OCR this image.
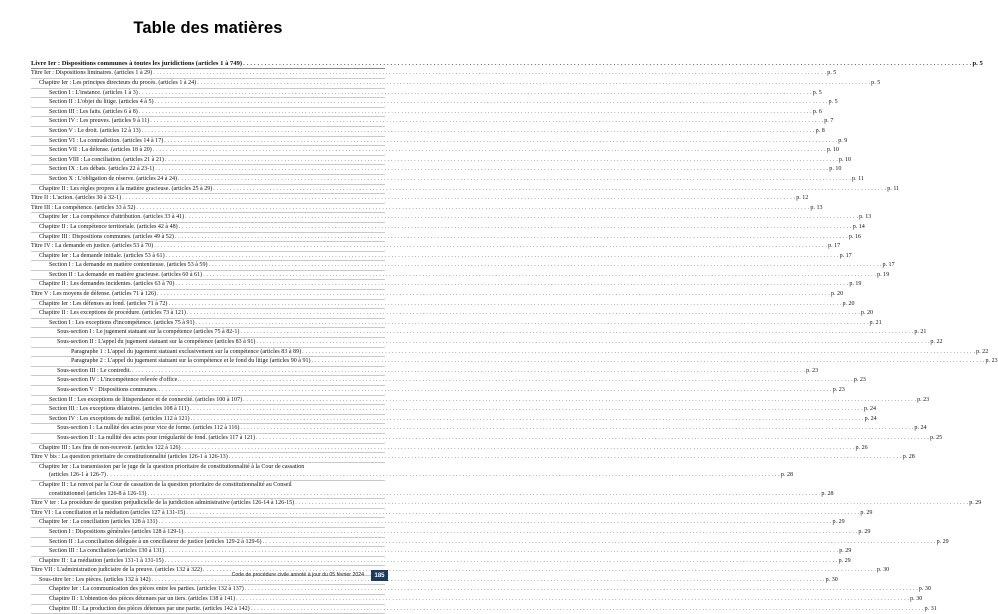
Table des matières
Livre Ier : Dispositions communes à toutes les juridictions (articles 1 à 749) . . .	p. 5
Titre Ier : Dispositions liminaires. (articles 1 à 29) . . .	p. 5
Chapitre Ier : Les principes directeurs du procès. (articles 1 à 24) . . .	p. 5
Section I : L'instance. (articles 1 à 3) . . .	p. 5
Section II : L'objet du litige. (articles 4 à 5) . . .	p. 5
Section III : Les faits. (articles 6 à 8) . . .	p. 6
Section IV : Les preuves. (articles 9 à 11) . . .	p. 7
Section V : Le droit. (articles 12 à 13) . . .	p. 8
Section VI : La contradiction. (articles 14 à 17) . . .	p. 9
Section VII : La défense. (articles 18 à 20) . . .	p. 10
Section VIII : La conciliation. (articles 21 à 21) . . .	p. 10
Section IX : Les débats. (articles 22 à 23-1) . . .	p. 10
Section X : L'obligation de réserve. (articles 24 à 24) . . .	p. 11
Chapitre II : Les règles propres à la matière gracieuse. (articles 25 à 29) . . .	p. 11
Titre II : L'action. (articles 30 à 32-1) . . .	p. 12
Titre III : La compétence. (articles 33 à 52) . . .	p. 13
Chapitre Ier : La compétence d'attribution. (articles 33 à 41) . . .	p. 13
Chapitre II : La compétence territoriale. (articles 42 à 48) . . .	p. 14
Chapitre III : Dispositions communes. (articles 49 à 52) . . .	p. 16
Titre IV : La demande en justice. (articles 53 à 70) . . .	p. 17
Chapitre Ier : La demande initiale. (articles 53 à 61) . . .	p. 17
Section I : La demande en matière contentieuse. (articles 53 à 59) . . .	p. 17
Section II : La demande en matière gracieuse. (articles 60 à 61) . . .	p. 19
Chapitre II : Les demandes incidentes. (articles 63 à 70) . . .	p. 19
Titre V : Les moyens de défense. (articles 71 à 126) . . .	p. 20
Chapitre Ier : Les défenses au fond. (articles 71 à 72) . . .	p. 20
Chapitre II : Les exceptions de procédure. (articles 73 à 121) . . .	p. 20
Section I : Les exceptions d'incompétence. (articles 75 à 91) . . .	p. 21
Sous-section I : Le jugement statuant sur la compétence (articles 75 à 82-1) . . .	p. 21
Sous-section II : L'appel du jugement statuant sur la compétence (articles 83 à 91) . . .	p. 22
Paragraphe 1 : L'appel du jugement statuant exclusivement sur la compétence (articles 83 à 89) . . .	p. 22
Paragraphe 2 : L'appel du jugement statuant sur la compétence et le fond du litige (articles 90 à 91) . . .	p. 23
Sous-section III : Le contredit. . . .	p. 23
Sous-section IV : L'incompétence relevée d'office. . . .	p. 23
Sous-section V : Dispositions communes. . . .	p. 23
Section II : Les exceptions de litispendance et de connexité. (articles 100 à 107) . . .	p. 23
Section III : Les exceptions dilatoires. (articles 108 à 111) . . .	p. 24
Section IV : Les exceptions de nullité. (articles 112 à 121) . . .	p. 24
Sous-section I : La nullité des actes pour vice de forme. (articles 112 à 116) . . .	p. 24
Sous-section II : La nullité des actes pour irrégularité de fond. (articles 117 à 121) . . .	p. 25
Chapitre III : Les fins de non-recevoir. (articles 122 à 126) . . .	p. 26
Titre V bis : La question prioritaire de constitutionnalité (articles 126-1 à 126-13) . . .	p. 28
Chapitre Ier : La transmission par le juge de la question prioritaire de constitutionnalité à la Cour de cassation
(articles 126-1 à 126-7) . . .	p. 28
Chapitre II : Le renvoi par la Cour de cassation de la question prioritaire de constitutionnalité au Conseil
constitutionnel (articles 126-8 à 126-13) . . .	p. 28
Titre V ter : La procédure de question préjudicielle de la juridiction administrative (articles 126-14 à 126-15) . . .	p. 29
Titre VI : La conciliation et la médiation (articles 127 à 131-15) . . .	p. 29
Chapitre Ier : La conciliation (articles 128 à 131) . . .	p. 29
Section I : Dispositions générales (articles 128 à 129-1) . . .	p. 29
Section II : La conciliation déléguée à un conciliateur de justice (articles 129-2 à 129-6) . . .	p. 29
Section III : La conciliation (articles 130 à 131) . . .	p. 29
Chapitre II : La médiation (articles 131-1 à 131-15) . . .	p. 29
Titre VII : L'administration judiciaire de la preuve. (articles 132 à 322) . . .	p. 30
Sous-titre Ier : Les pièces. (articles 132 à 142) . . .	p. 30
Chapitre Ier : La communication des pièces entre les parties. (articles 132 à 137) . . .	p. 30
Chapitre II : L'obtention des pièces détenues par un tiers. (articles 138 à 141) . . .	p. 30
Chapitre III : La production des pièces détenues par une partie. (articles 142 à 142) . . .	p. 31
Code de procédure civile annoté à jour du 05 février 2024	185
